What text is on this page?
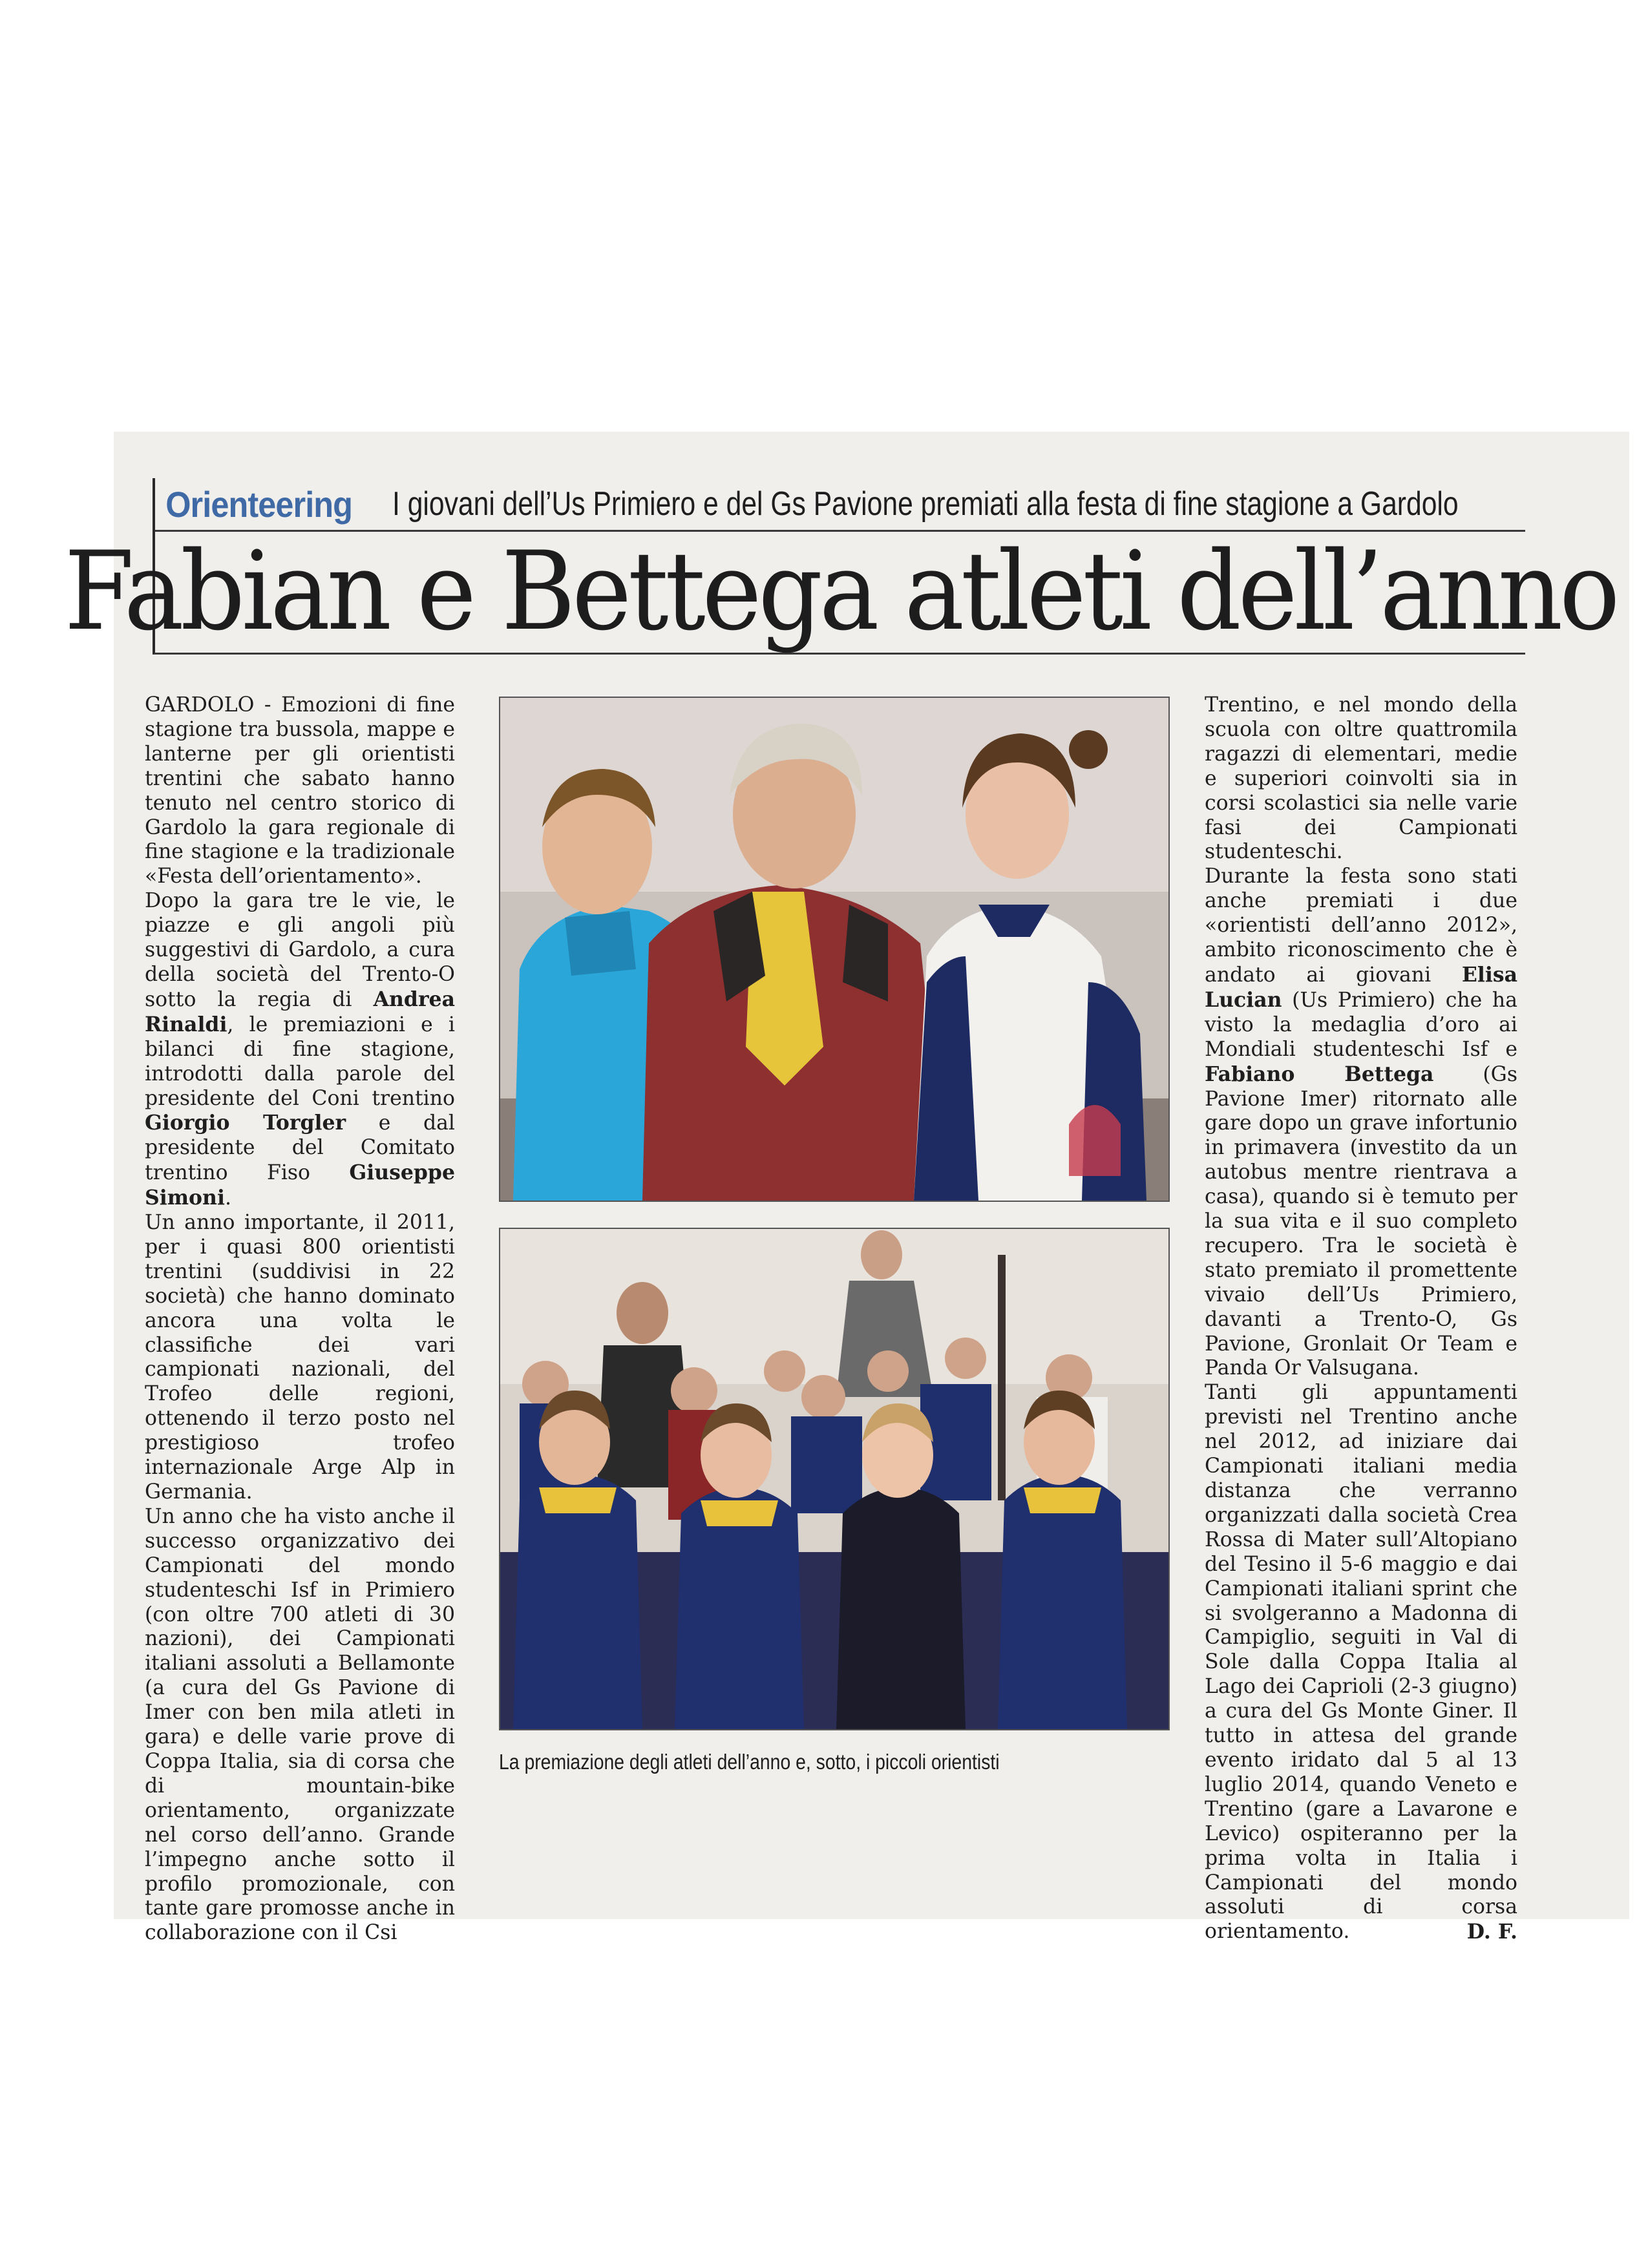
Orienteering I giovani dell’Us Primiero e del Gs Pavione premiati alla festa di fine stagione a Gardolo
Fabian e Bettega atleti dell’anno

GARDOLO - Emozioni di fine stagione tra bussola, mappe e lanterne per gli orientisti trentini che sabato hanno tenuto nel centro storico di Gardolo la gara regionale di fine stagione e la tradizionale «Festa dell’orientamento».

Dopo la gara tre le vie, le piazze e gli angoli più suggestivi di Gardolo, a cura della società del Trento-O sotto la regia di Andrea Rinaldi, le premiazioni e i bilanci di fine stagione, introdotti dalla parole del presidente del Coni trentino Giorgio Torgler e dal presidente del Comitato trentino Fiso Giuseppe Simoni.

Un anno importante, il 2011, per i quasi 800 orientisti trentini (suddivisi in 22 società) che hanno dominato ancora una volta le classifiche dei vari campionati nazionali, del Trofeo delle regioni, ottenendo il terzo posto nel prestigioso trofeo internazionale Arge Alp in Germania.

Un anno che ha visto anche il successo organizzativo dei Campionati del mondo studenteschi Isf in Primiero (con oltre 700 atleti di 30 nazioni), dei Campionati italiani assoluti a Bellamonte (a cura del Gs Pavione di Imer con ben mila atleti in gara) e delle varie prove di Coppa Italia, sia di corsa che di mountain-bike orientamento, organizzate nel corso dell’anno. Grande l’impegno anche sotto il profilo promozionale, con tante gare promosse anche in collaborazione con il Csi

La premiazione degli atleti dell’anno e, sotto, i piccoli orientisti

Trentino, e nel mondo della scuola con oltre quattromila ragazzi di elementari, medie e superiori coinvolti sia in corsi scolastici sia nelle varie fasi dei Campionati studenteschi.

Durante la festa sono stati anche premiati i due «orientisti dell’anno 2012», ambito riconoscimento che è andato ai giovani Elisa Lucian (Us Primiero) che ha visto la medaglia d’oro ai Mondiali studenteschi Isf e Fabiano Bettega (Gs Pavione Imer) ritornato alle gare dopo un grave infortunio in primavera (investito da un autobus mentre rientrava a casa), quando si è temuto per la sua vita e il suo completo recupero. Tra le società è stato premiato il promettente vivaio dell’Us Primiero, davanti a Trento-O, Gs Pavione, Gronlait Or Team e Panda Or Valsugana.

Tanti gli appuntamenti previsti nel Trentino anche nel 2012, ad iniziare dai Campionati italiani media distanza che verranno organizzati dalla società Crea Rossa di Mater sull’Altopiano del Tesino il 5-6 maggio e dai Campionati italiani sprint che si svolgeranno a Madonna di Campiglio, seguiti in Val di Sole dalla Coppa Italia al Lago dei Caprioli (2-3 giugno) a cura del Gs Monte Giner. Il tutto in attesa del grande evento iridato dal 5 al 13 luglio 2014, quando Veneto e Trentino (gare a Lavarone e Levico) ospiteranno per la prima volta in Italia i Campionati del mondo assoluti di corsa orientamento.	D. F.
